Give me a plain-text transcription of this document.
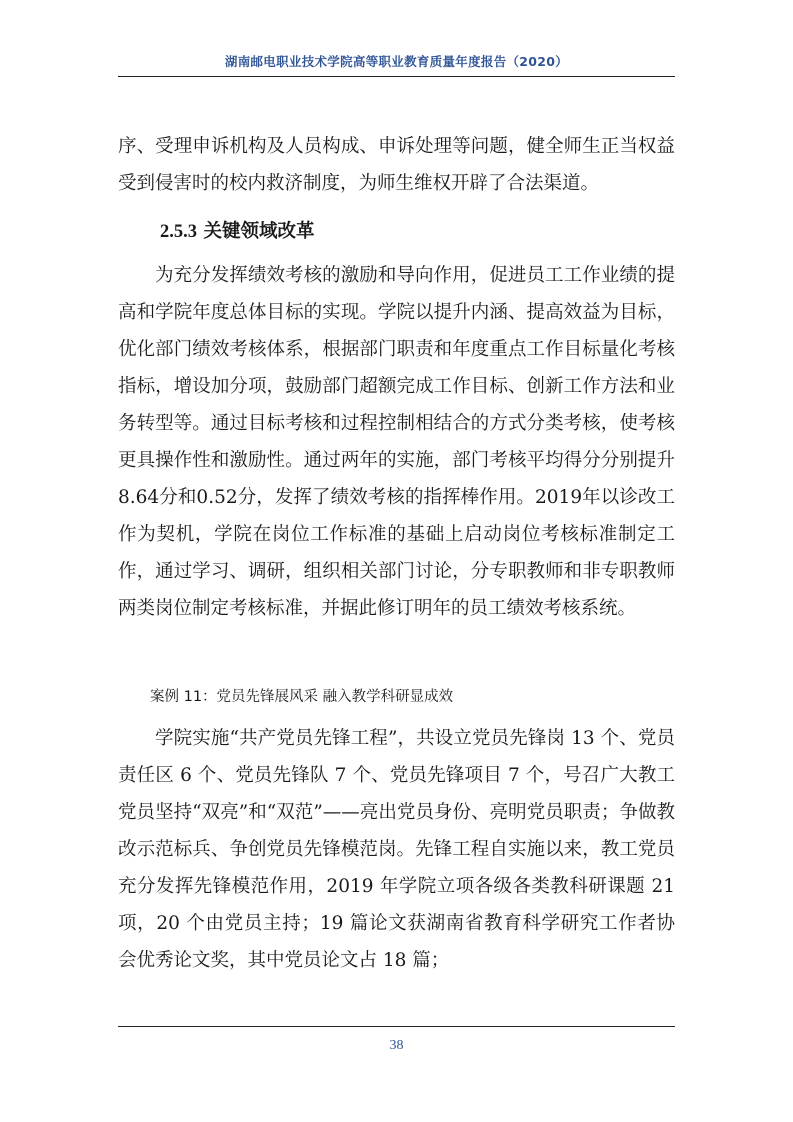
湖南邮电职业技术学院高等职业教育质量年度报告（2020）

序、受理申诉机构及人员构成、申诉处理等问题，健全师生正当权益受到侵害时的校内救济制度，为师生维权开辟了合法渠道。

2.5.3 关键领域改革

为充分发挥绩效考核的激励和导向作用，促进员工工作业绩的提高和学院年度总体目标的实现。学院以提升内涵、提高效益为目标，优化部门绩效考核体系，根据部门职责和年度重点工作目标量化考核指标，增设加分项，鼓励部门超额完成工作目标、创新工作方法和业务转型等。通过目标考核和过程控制相结合的方式分类考核，使考核更具操作性和激励性。通过两年的实施，部门考核平均得分分别提升8.64分和0.52分，发挥了绩效考核的指挥棒作用。2019年以诊改工作为契机，学院在岗位工作标准的基础上启动岗位考核标准制定工作，通过学习、调研，组织相关部门讨论，分专职教师和非专职教师两类岗位制定考核标准，并据此修订明年的员工绩效考核系统。

案例 11：党员先锋展风采 融入教学科研显成效

学院实施“共产党员先锋工程”，共设立党员先锋岗 13 个、党员责任区 6 个、党员先锋队 7 个、党员先锋项目 7 个，号召广大教工党员坚持“双亮”和“双范”——亮出党员身份、亮明党员职责；争做教改示范标兵、争创党员先锋模范岗。先锋工程自实施以来，教工党员充分发挥先锋模范作用，2019 年学院立项各级各类教科研课题 21 项，20 个由党员主持；19 篇论文获湖南省教育科学研究工作者协会优秀论文奖，其中党员论文占 18 篇；

38
